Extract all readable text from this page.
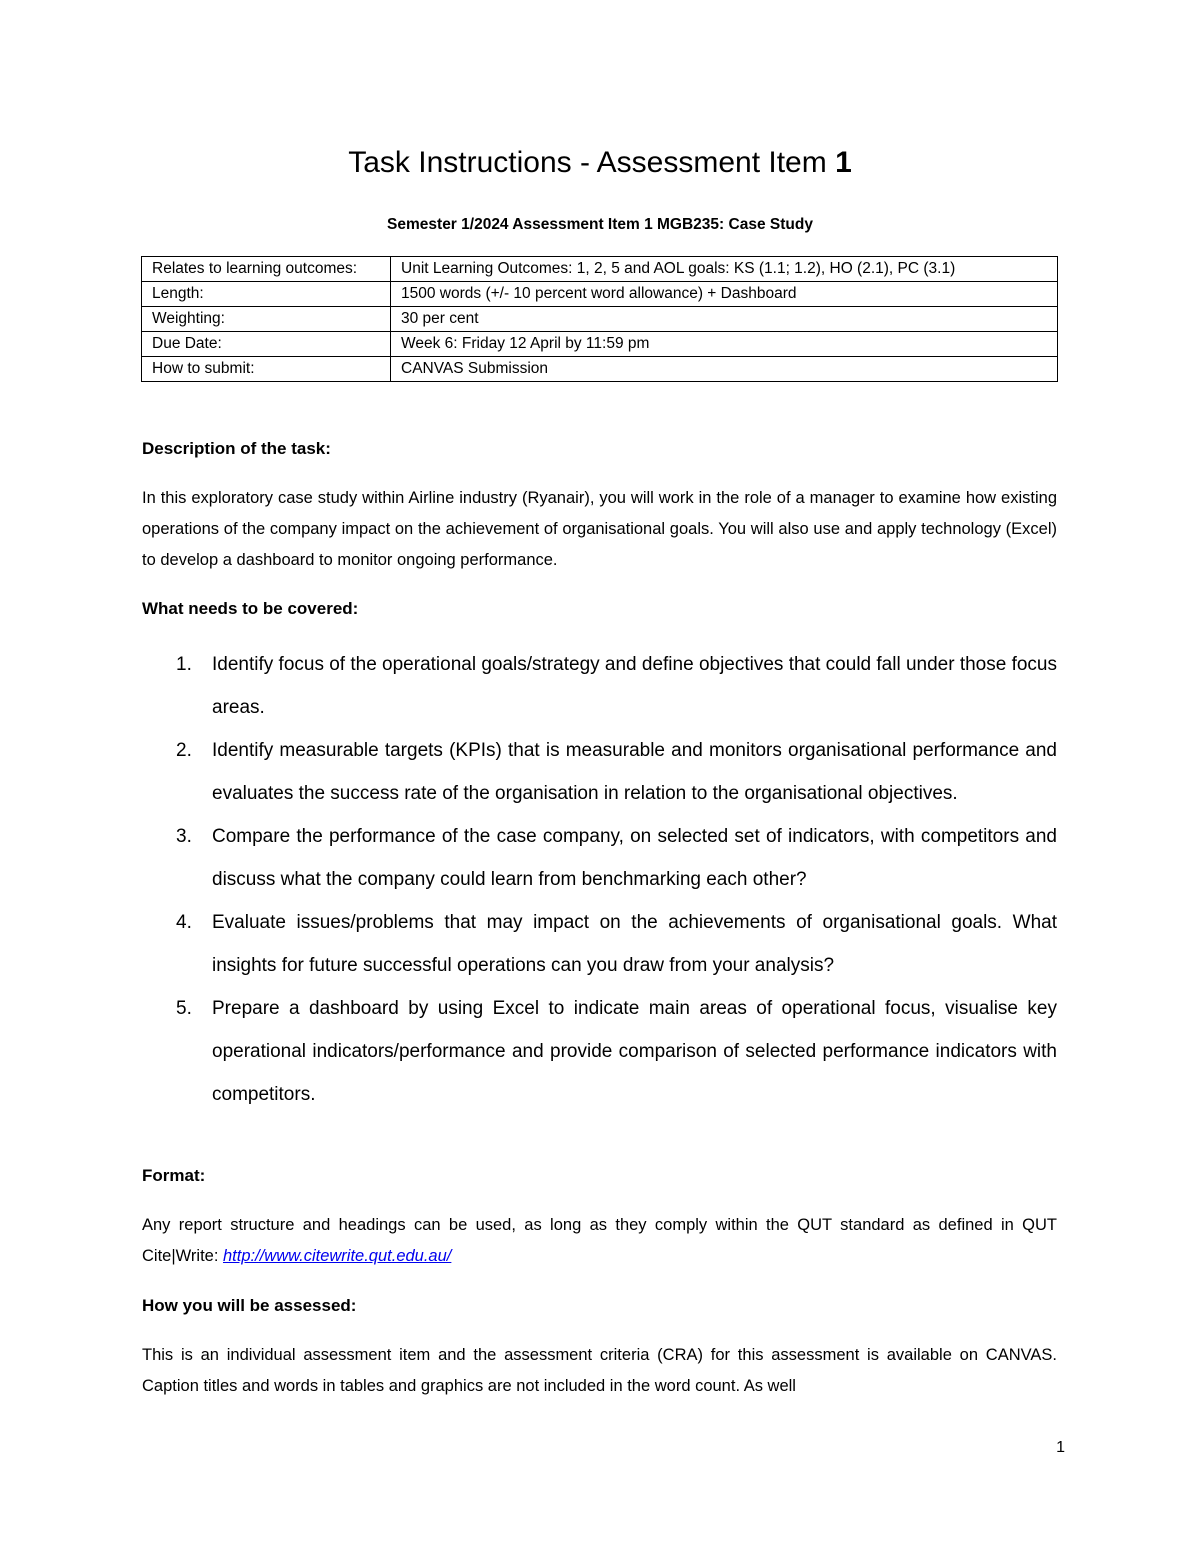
Task Instructions - Assessment Item 1
Semester 1/2024 Assessment Item 1 MGB235: Case Study
Relates to learning outcomes:	Unit Learning Outcomes: 1, 2, 5 and AOL goals: KS (1.1; 1.2), HO (2.1), PC (3.1)
Length:	1500 words (+/- 10 percent word allowance) + Dashboard
Weighting:	30 per cent
Due Date:	Week 6: Friday 12 April by 11:59 pm
How to submit:	CANVAS Submission
Description of the task:
In this exploratory case study within Airline industry (Ryanair), you will work in the role of a manager to examine how existing operations of the company impact on the achievement of organisational goals. You will also use and apply technology (Excel) to develop a dashboard to monitor ongoing performance.
What needs to be covered:
1. Identify focus of the operational goals/strategy and define objectives that could fall under those focus areas.
2. Identify measurable targets (KPIs) that is measurable and monitors organisational performance and evaluates the success rate of the organisation in relation to the organisational objectives.
3. Compare the performance of the case company, on selected set of indicators, with competitors and discuss what the company could learn from benchmarking each other?
4. Evaluate issues/problems that may impact on the achievements of organisational goals. What insights for future successful operations can you draw from your analysis?
5. Prepare a dashboard by using Excel to indicate main areas of operational focus, visualise key operational indicators/performance and provide comparison of selected performance indicators with competitors.
Format:
Any report structure and headings can be used, as long as they comply within the QUT standard as defined in QUT Cite|Write: http://www.citewrite.qut.edu.au/
How you will be assessed:
This is an individual assessment item and the assessment criteria (CRA) for this assessment is available on CANVAS. Caption titles and words in tables and graphics are not included in the word count. As well
1
